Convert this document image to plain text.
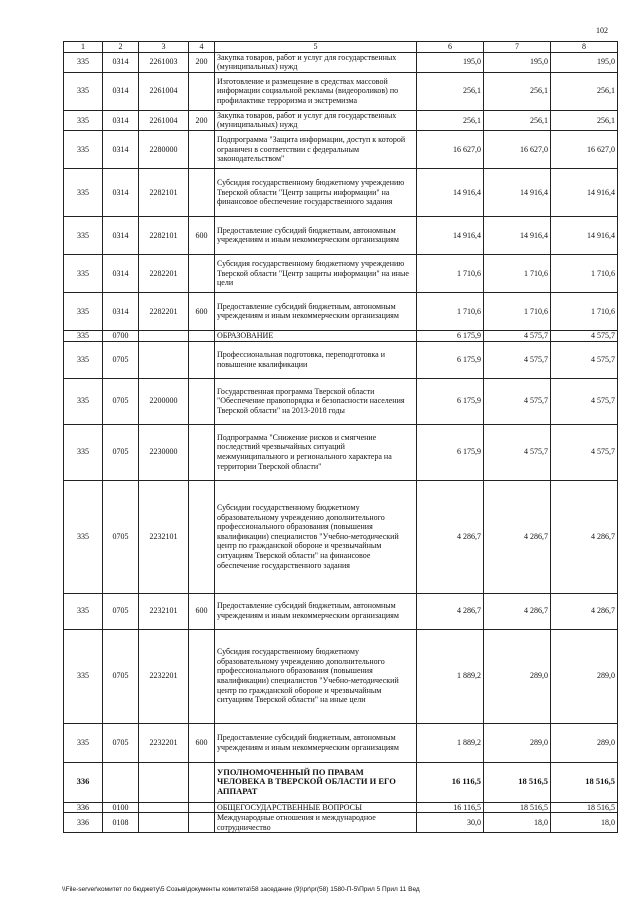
102
1	2	3	4	5	6	7	8
335	0314	2261003	200	Закупка товаров, работ и услуг для государственных (муниципальных) нужд	195,0	195,0	195,0
335	0314	2261004		Изготовление и размещение в средствах массовой информации социальной рекламы (видеороликов) по профилактике терроризма и экстремизма	256,1	256,1	256,1
335	0314	2261004	200	Закупка товаров, работ и услуг для государственных (муниципальных) нужд	256,1	256,1	256,1
335	0314	2280000		Подпрограмма "Защита информации, доступ к которой ограничен в соответствии с федеральным законодательством"	16 627,0	16 627,0	16 627,0
335	0314	2282101		Субсидия государственному бюджетному учреждению Тверской области "Центр защиты информации" на финансовое обеспечение государственного задания	14 916,4	14 916,4	14 916,4
335	0314	2282101	600	Предоставление субсидий бюджетным, автономным учреждениям и иным некоммерческим организациям	14 916,4	14 916,4	14 916,4
335	0314	2282201		Субсидия государственному бюджетному учреждению Тверской области "Центр защиты информации" на иные цели	1 710,6	1 710,6	1 710,6
335	0314	2282201	600	Предоставление субсидий бюджетным, автономным учреждениям и иным некоммерческим организациям	1 710,6	1 710,6	1 710,6
335	0700			ОБРАЗОВАНИЕ	6 175,9	4 575,7	4 575,7
335	0705			Профессиональная подготовка, переподготовка и повышение квалификации	6 175,9	4 575,7	4 575,7
335	0705	2200000		Государственная программа Тверской области "Обеспечение правопорядка и безопасности населения Тверской области" на 2013-2018 годы	6 175,9	4 575,7	4 575,7
335	0705	2230000		Подпрограмма "Снижение рисков и смягчение последствий чрезвычайных ситуаций межмуниципального и регионального характера на территории Тверской области"	6 175,9	4 575,7	4 575,7
335	0705	2232101		Субсидии государственному бюджетному образовательному учреждению дополнительного профессионального образования (повышения квалификации) специалистов "Учебно-методический центр по гражданской обороне и чрезвычайным ситуациям Тверской области" на финансовое обеспечение государственного задания	4 286,7	4 286,7	4 286,7
335	0705	2232101	600	Предоставление субсидий бюджетным, автономным учреждениям и иным некоммерческим организациям	4 286,7	4 286,7	4 286,7
335	0705	2232201		Субсидия государственному бюджетному образовательному учреждению дополнительного профессионального образования (повышения квалификации) специалистов "Учебно-методический центр по гражданской обороне и чрезвычайным ситуациям Тверской области" на иные цели	1 889,2	289,0	289,0
335	0705	2232201	600	Предоставление субсидий бюджетным, автономным учреждениям и иным некоммерческим организациям	1 889,2	289,0	289,0
336				УПОЛНОМОЧЕННЫЙ ПО ПРАВАМ ЧЕЛОВЕКА В ТВЕРСКОЙ ОБЛАСТИ И ЕГО АППАРАТ	16 116,5	18 516,5	18 516,5
336	0100			ОБЩЕГОСУДАРСТВЕННЫЕ ВОПРОСЫ	16 116,5	18 516,5	18 516,5
336	0108			Международные отношения и международное сотрудничество	30,0	18,0	18,0
\\File-server\комитет по бюджету\5 Созыв\документы комитета\58 заседание (9)\pr\pr(58) 1580-П-5\Прил 5 Прил 11 Вед
